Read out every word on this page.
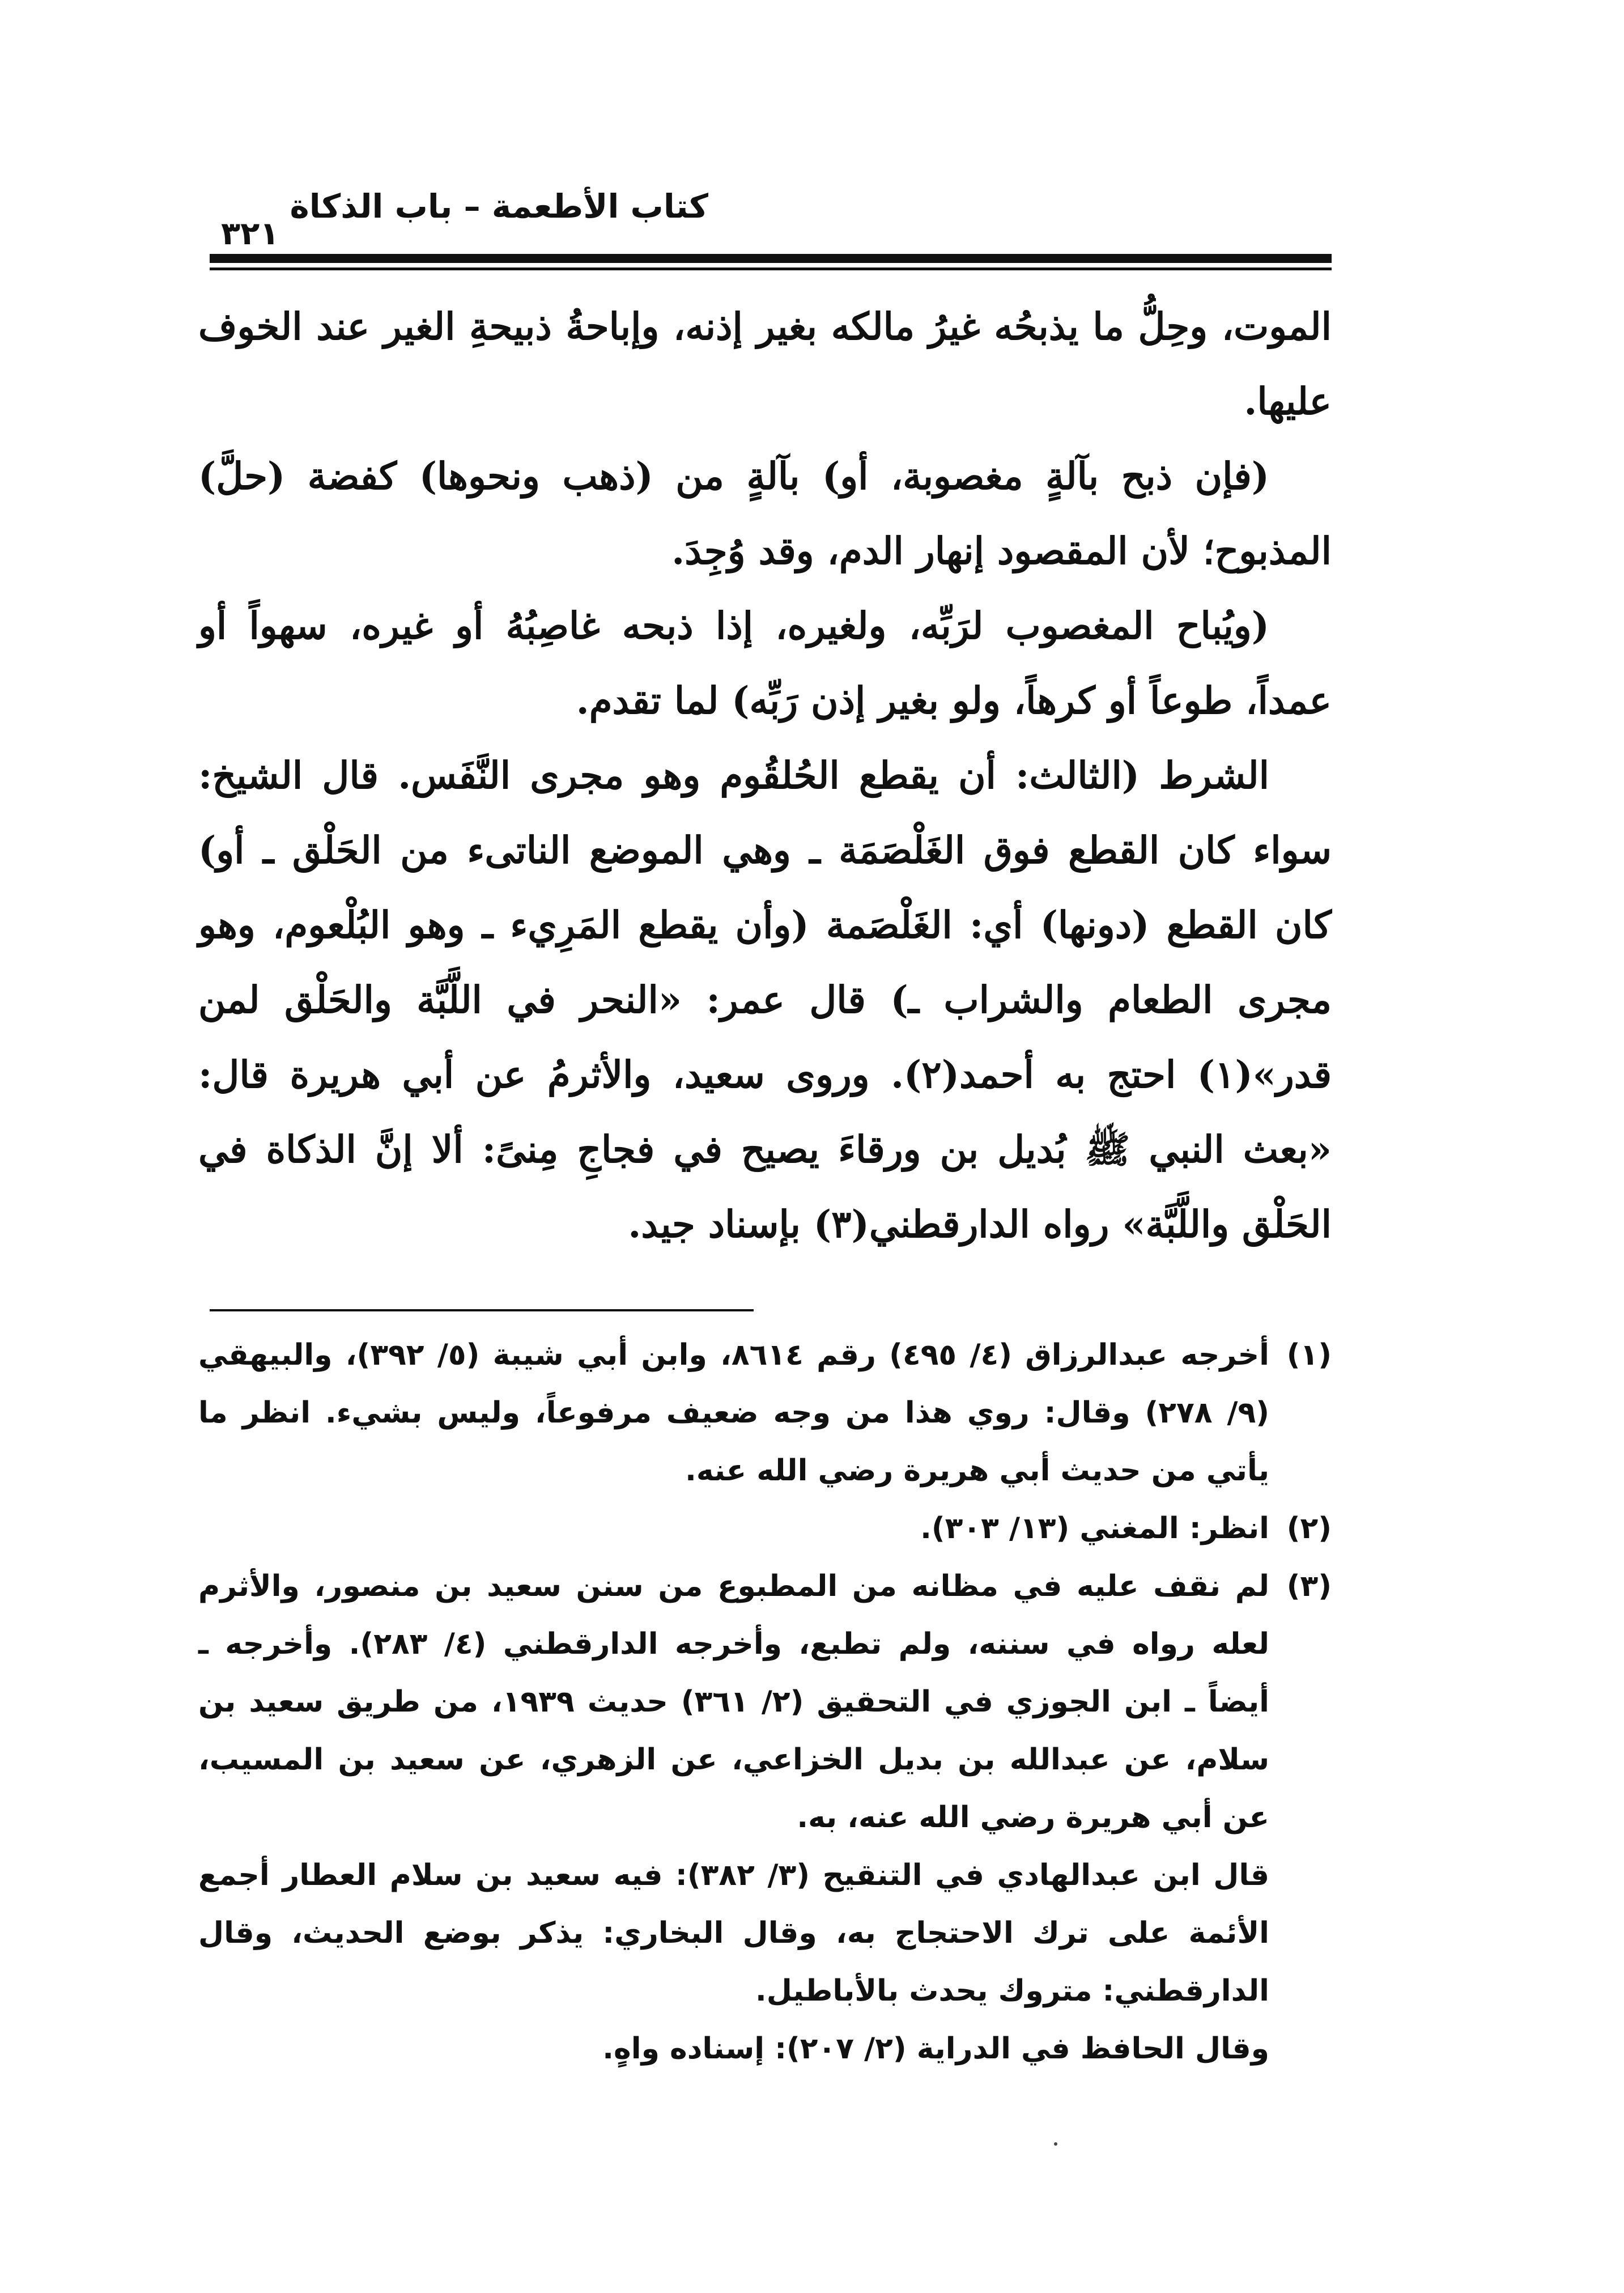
كتاب الأطعمة – باب الذكاة
٣٢١

الموت، وحِلُّ ما يذبحُه غيرُ مالكه بغير إذنه، وإباحةُ ذبيحةِ الغير عند الخوف عليها.

(فإن ذبح بآلةٍ مغصوبة، أو) بآلةٍ من (ذهب ونحوها) كفضة (حلَّ) المذبوح؛ لأن المقصود إنهار الدم، وقد وُجِدَ.

(ويُباح المغصوب لرَبِّه، ولغيره، إذا ذبحه غاصِبُهُ أو غيره، سهواً أو عمداً، طوعاً أو كرهاً، ولو بغير إذن رَبِّه) لما تقدم.

الشرط (الثالث: أن يقطع الحُلقُوم وهو مجرى النَّفَس. قال الشيخ: سواء كان القطع فوق الغَلْصَمَة ـ وهي الموضع الناتىء من الحَلْق ـ أو) كان القطع (دونها) أي: الغَلْصَمة (وأن يقطع المَرِيء ـ وهو البُلْعوم، وهو مجرى الطعام والشراب ـ) قال عمر: «النحر في اللَّبَّة والحَلْق لمن قدر»(١) احتج به أحمد(٢). وروى سعيد، والأثرمُ عن أبي هريرة قال: «بعث النبي ﷺ بُديل بن ورقاءَ يصيح في فجاجِ مِنىً: ألا إنَّ الذكاة في الحَلْق واللَّبَّة» رواه الدارقطني(٣) بإسناد جيد.

(١)
أخرجه عبدالرزاق (٤/ ٤٩٥) رقم ٨٦١٤، وابن أبي شيبة (٥/ ٣٩٢)، والبيهقي (٩/ ٢٧٨) وقال: روي هذا من وجه ضعيف مرفوعاً، وليس بشيء. انظر ما يأتي من حديث أبي هريرة رضي الله عنه.
(٢)
انظر: المغني (١٣/ ٣٠٣).
(٣)
لم نقف عليه في مظانه من المطبوع من سنن سعيد بن منصور، والأثرم لعله رواه في سننه، ولم تطبع، وأخرجه الدارقطني (٤/ ٢٨٣). وأخرجه ـ أيضاً ـ ابن الجوزي في التحقيق (٢/ ٣٦١) حديث ١٩٣٩، من طريق سعيد بن سلام، عن عبدالله بن بديل الخزاعي، عن الزهري، عن سعيد بن المسيب، عن أبي هريرة رضي الله عنه، به.
قال ابن عبدالهادي في التنقيح (٣/ ٣٨٢): فيه سعيد بن سلام العطار أجمع الأئمة على ترك الاحتجاج به، وقال البخاري: يذكر بوضع الحديث، وقال الدارقطني: متروك يحدث بالأباطيل.
وقال الحافظ في الدراية (٢/ ٢٠٧): إسناده واهٍ.
